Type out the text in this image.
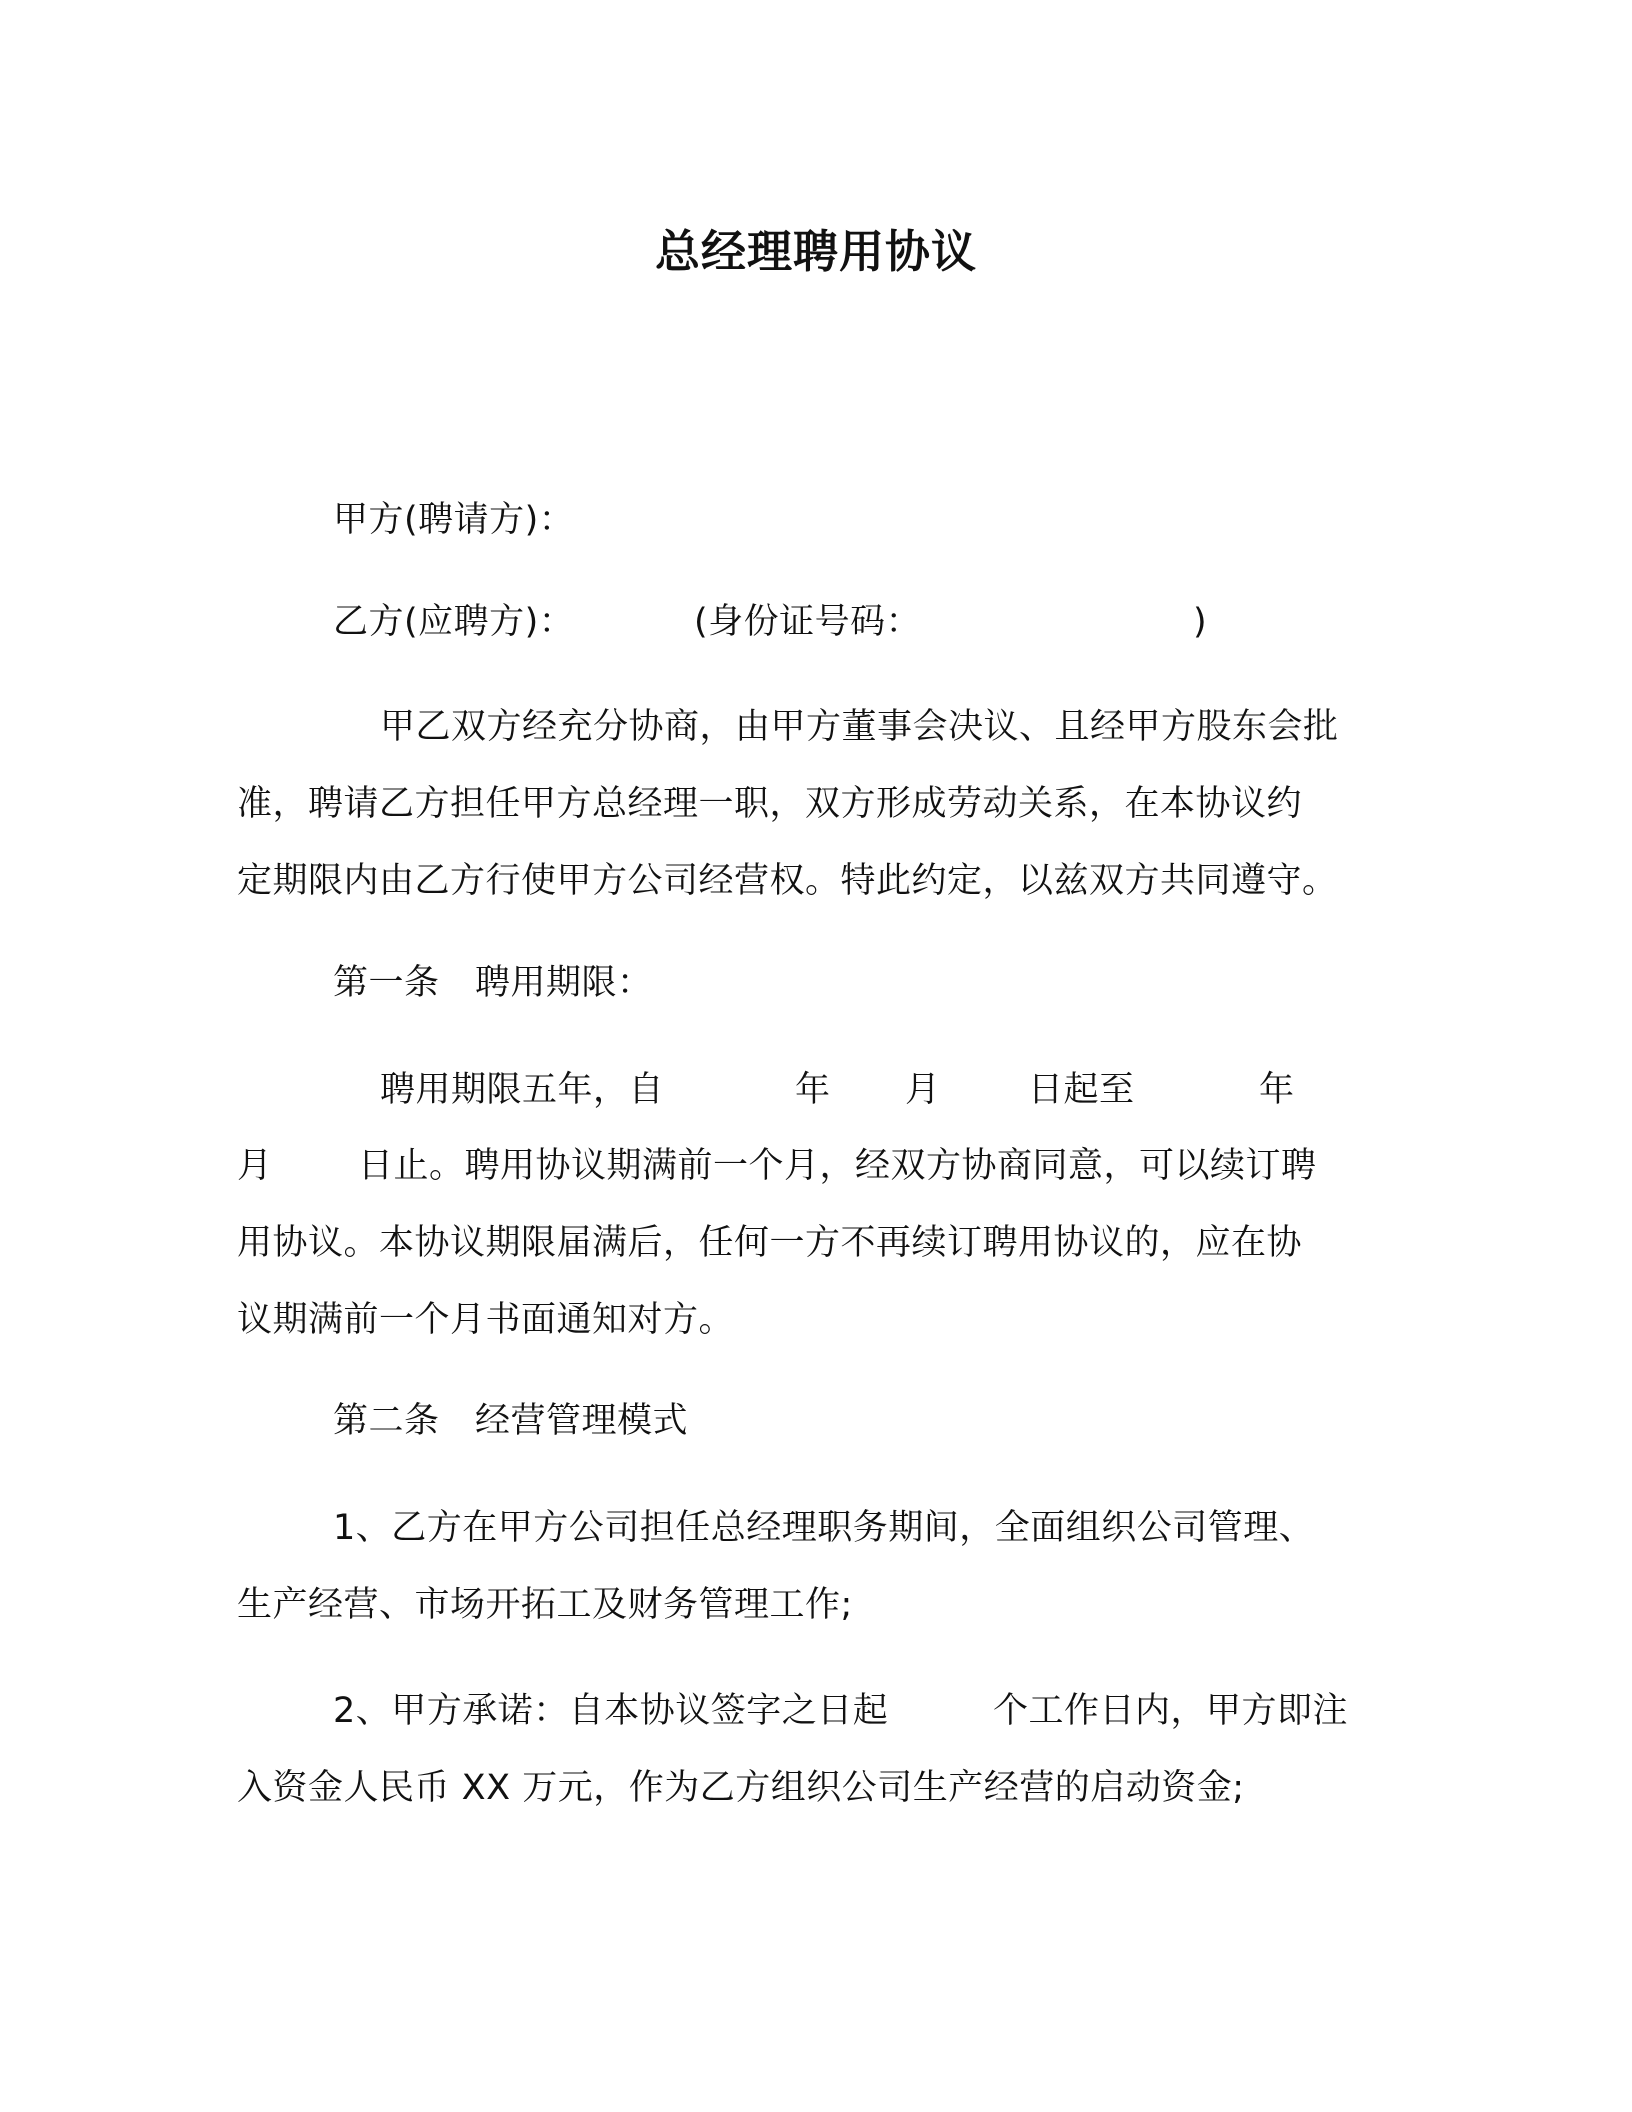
总经理聘用协议
甲方(聘请方)：
乙方(应聘方)：	(身份证号码：	)
甲乙双方经充分协商，由甲方董事会决议、且经甲方股东会批
准，聘请乙方担任甲方总经理一职，双方形成劳动关系，在本协议约
定期限内由乙方行使甲方公司经营权。特此约定，以兹双方共同遵守。
第一条　聘用期限：
聘用期限五年，自	年 月 日起至	年
月 日止。聘用协议期满前一个月，经双方协商同意，可以续订聘
用协议。本协议期限届满后，任何一方不再续订聘用协议的，应在协
议期满前一个月书面通知对方。
第二条　经营管理模式
1、乙方在甲方公司担任总经理职务期间，全面组织公司管理、
生产经营、市场开拓工及财务管理工作;
2、甲方承诺：自本协议签字之日起	个工作日内，甲方即注
入资金人民币 XX 万元，作为乙方组织公司生产经营的启动资金;
